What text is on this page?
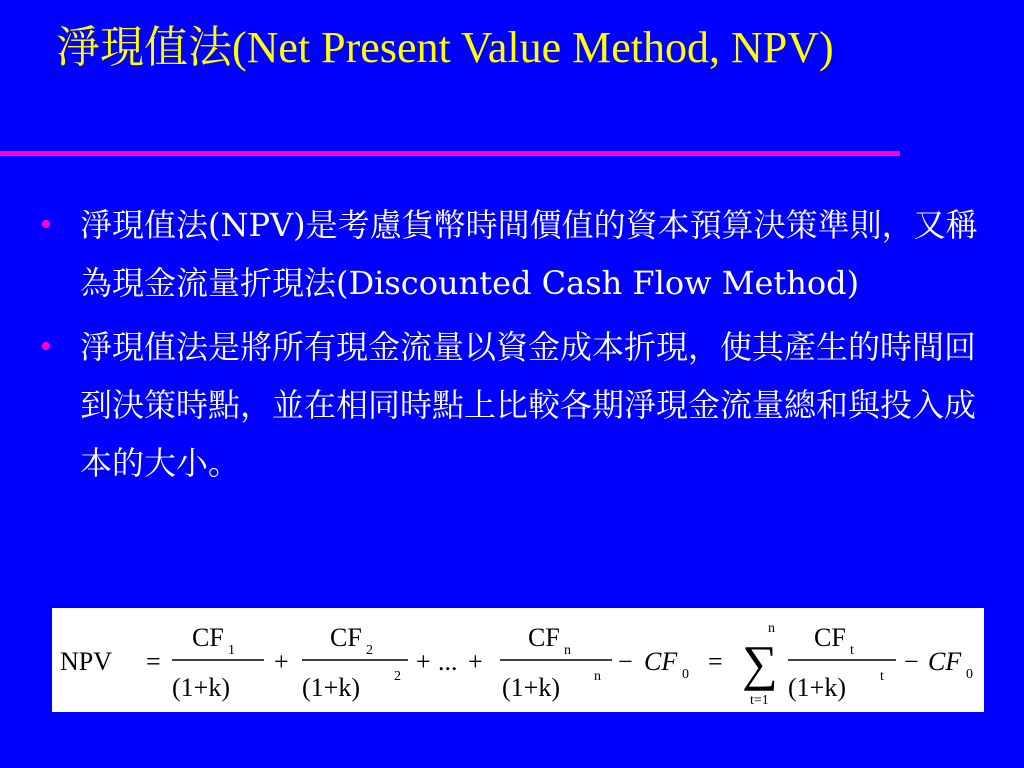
淨現值法(Net Present Value Method, NPV)
• 淨現值法(NPV)是考慮貨幣時間價值的資本預算決策準則，又稱為現金流量折現法(Discounted Cash Flow Method)
• 淨現值法是將所有現金流量以資金成本折現，使其產生的時間回到決策時點，並在相同時點上比較各期淨現金流量總和與投入成本的大小。
NPV =
CF 1
(1+k)
+
CF 2
(1+k) 2
+ ... +
CF n
(1+k) n
− CF 0 =
n
∑
t=1
CF t
(1+k) t
− CF 0
